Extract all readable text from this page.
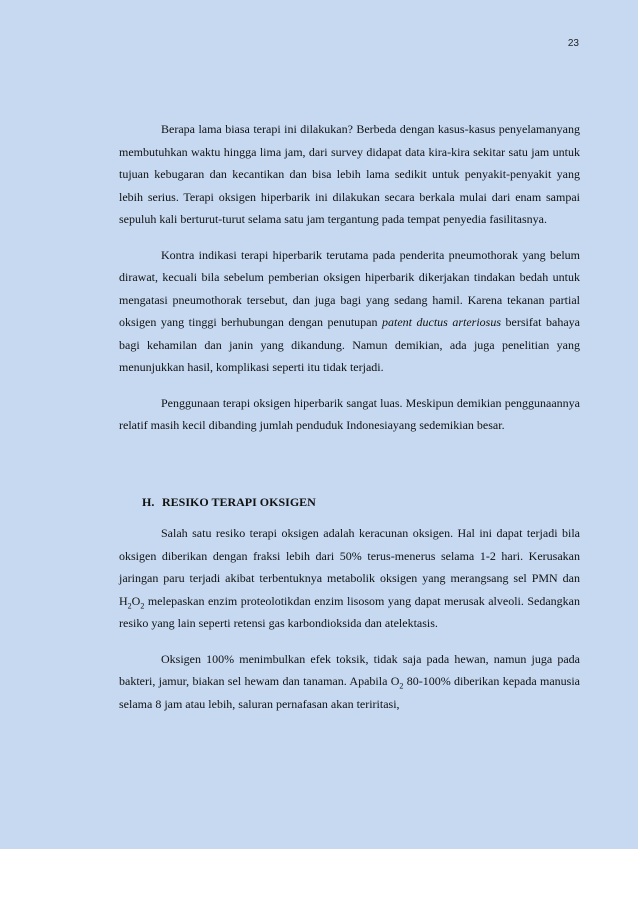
23

Berapa lama biasa terapi ini dilakukan? Berbeda dengan kasus-kasus penyelamanyang membutuhkan waktu hingga lima jam, dari survey didapat data kira-kira sekitar satu jam untuk tujuan kebugaran dan kecantikan dan bisa lebih lama sedikit untuk penyakit-penyakit yang lebih serius. Terapi oksigen hiperbarik ini dilakukan secara berkala mulai dari enam sampai sepuluh kali berturut-turut selama satu jam tergantung pada tempat penyedia fasilitasnya.

Kontra indikasi terapi hiperbarik terutama pada penderita pneumothorak yang belum dirawat, kecuali bila sebelum pemberian oksigen hiperbarik dikerjakan tindakan bedah untuk mengatasi pneumothorak tersebut, dan juga bagi yang sedang hamil. Karena tekanan partial oksigen yang tinggi berhubungan dengan penutupan patent ductus arteriosus bersifat bahaya bagi kehamilan dan janin yang dikandung. Namun demikian, ada juga penelitian yang menunjukkan hasil, komplikasi seperti itu tidak terjadi.

Penggunaan terapi oksigen hiperbarik sangat luas. Meskipun demikian penggunaannya relatif masih kecil dibanding jumlah penduduk Indonesiayang sedemikian besar.

H. RESIKO TERAPI OKSIGEN

Salah satu resiko terapi oksigen adalah keracunan oksigen. Hal ini dapat terjadi bila oksigen diberikan dengan fraksi lebih dari 50% terus-menerus selama 1-2 hari. Kerusakan jaringan paru terjadi akibat terbentuknya metabolik oksigen yang merangsang sel PMN dan $H_2O_2$ melepaskan enzim proteolotikdan enzim lisosom yang dapat merusak alveoli. Sedangkan resiko yang lain seperti retensi gas karbondioksida dan atelektasis.

Oksigen 100% menimbulkan efek toksik, tidak saja pada hewan, namun juga pada bakteri, jamur, biakan sel hewam dan tanaman. Apabila $O_2$ 80-100% diberikan kepada manusia selama 8 jam atau lebih, saluran pernafasan akan teriritasi,
